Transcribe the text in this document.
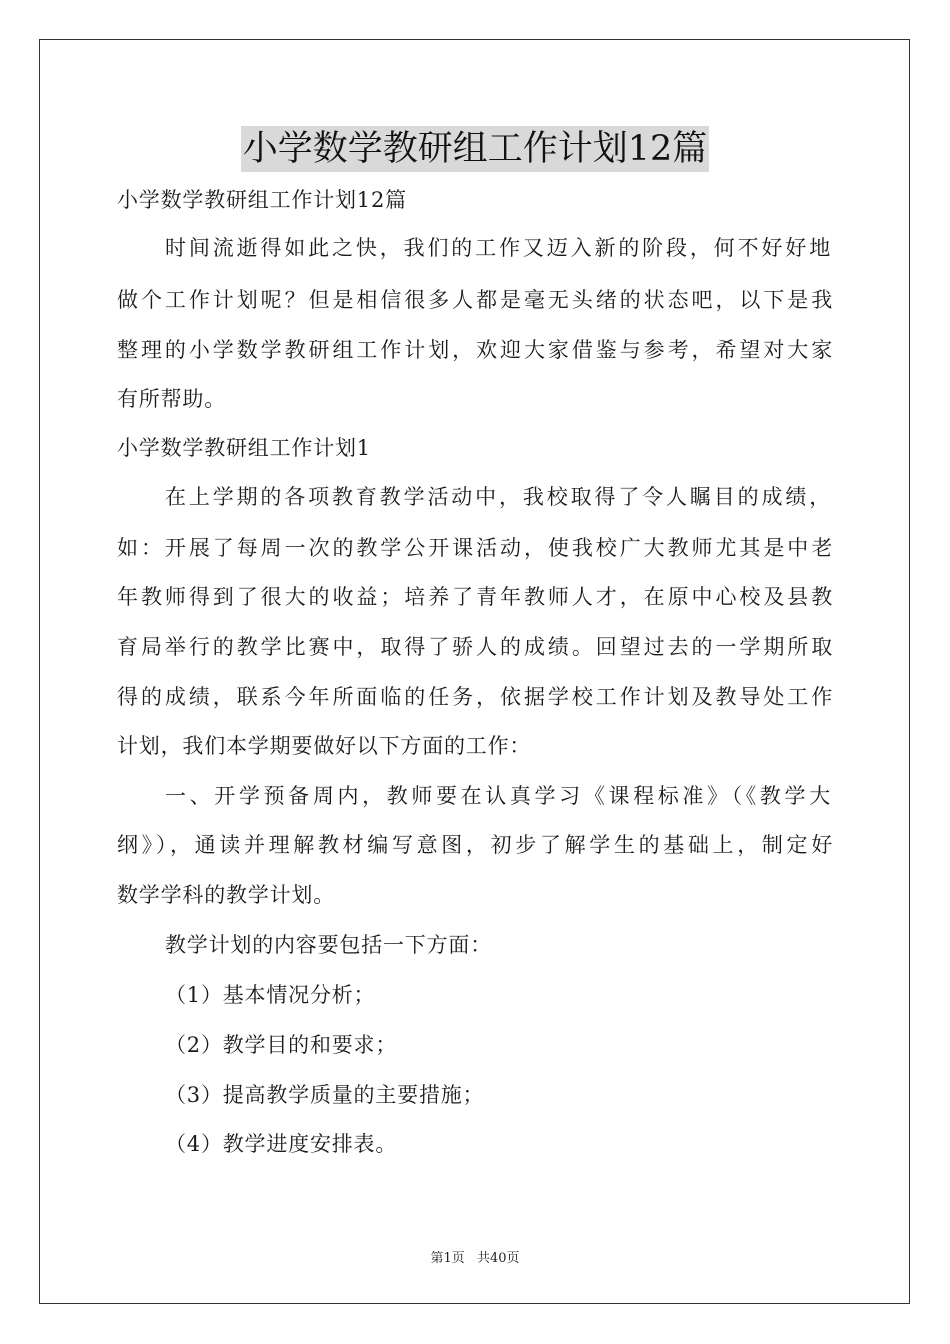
小学数学教研组工作计划12篇
小学数学教研组工作计划12篇
时间流逝得如此之快，我们的工作又迈入新的阶段，何不好好地
做个工作计划呢？但是相信很多人都是毫无头绪的状态吧，以下是我
整理的小学数学教研组工作计划，欢迎大家借鉴与参考，希望对大家
有所帮助。
小学数学教研组工作计划1
在上学期的各项教育教学活动中，我校取得了令人瞩目的成绩，
如：开展了每周一次的教学公开课活动，使我校广大教师尤其是中老
年教师得到了很大的收益；培养了青年教师人才，在原中心校及县教
育局举行的教学比赛中，取得了骄人的成绩。回望过去的一学期所取
得的成绩，联系今年所面临的任务，依据学校工作计划及教导处工作
计划，我们本学期要做好以下方面的工作：
一、开学预备周内，教师要在认真学习《课程标准》（《教学大
纲》），通读并理解教材编写意图，初步了解学生的基础上，制定好
数学学科的教学计划。
教学计划的内容要包括一下方面：
（1）基本情况分析；
（2）教学目的和要求；
（3）提高教学质量的主要措施；
（4）教学进度安排表。
第1页 共40页
